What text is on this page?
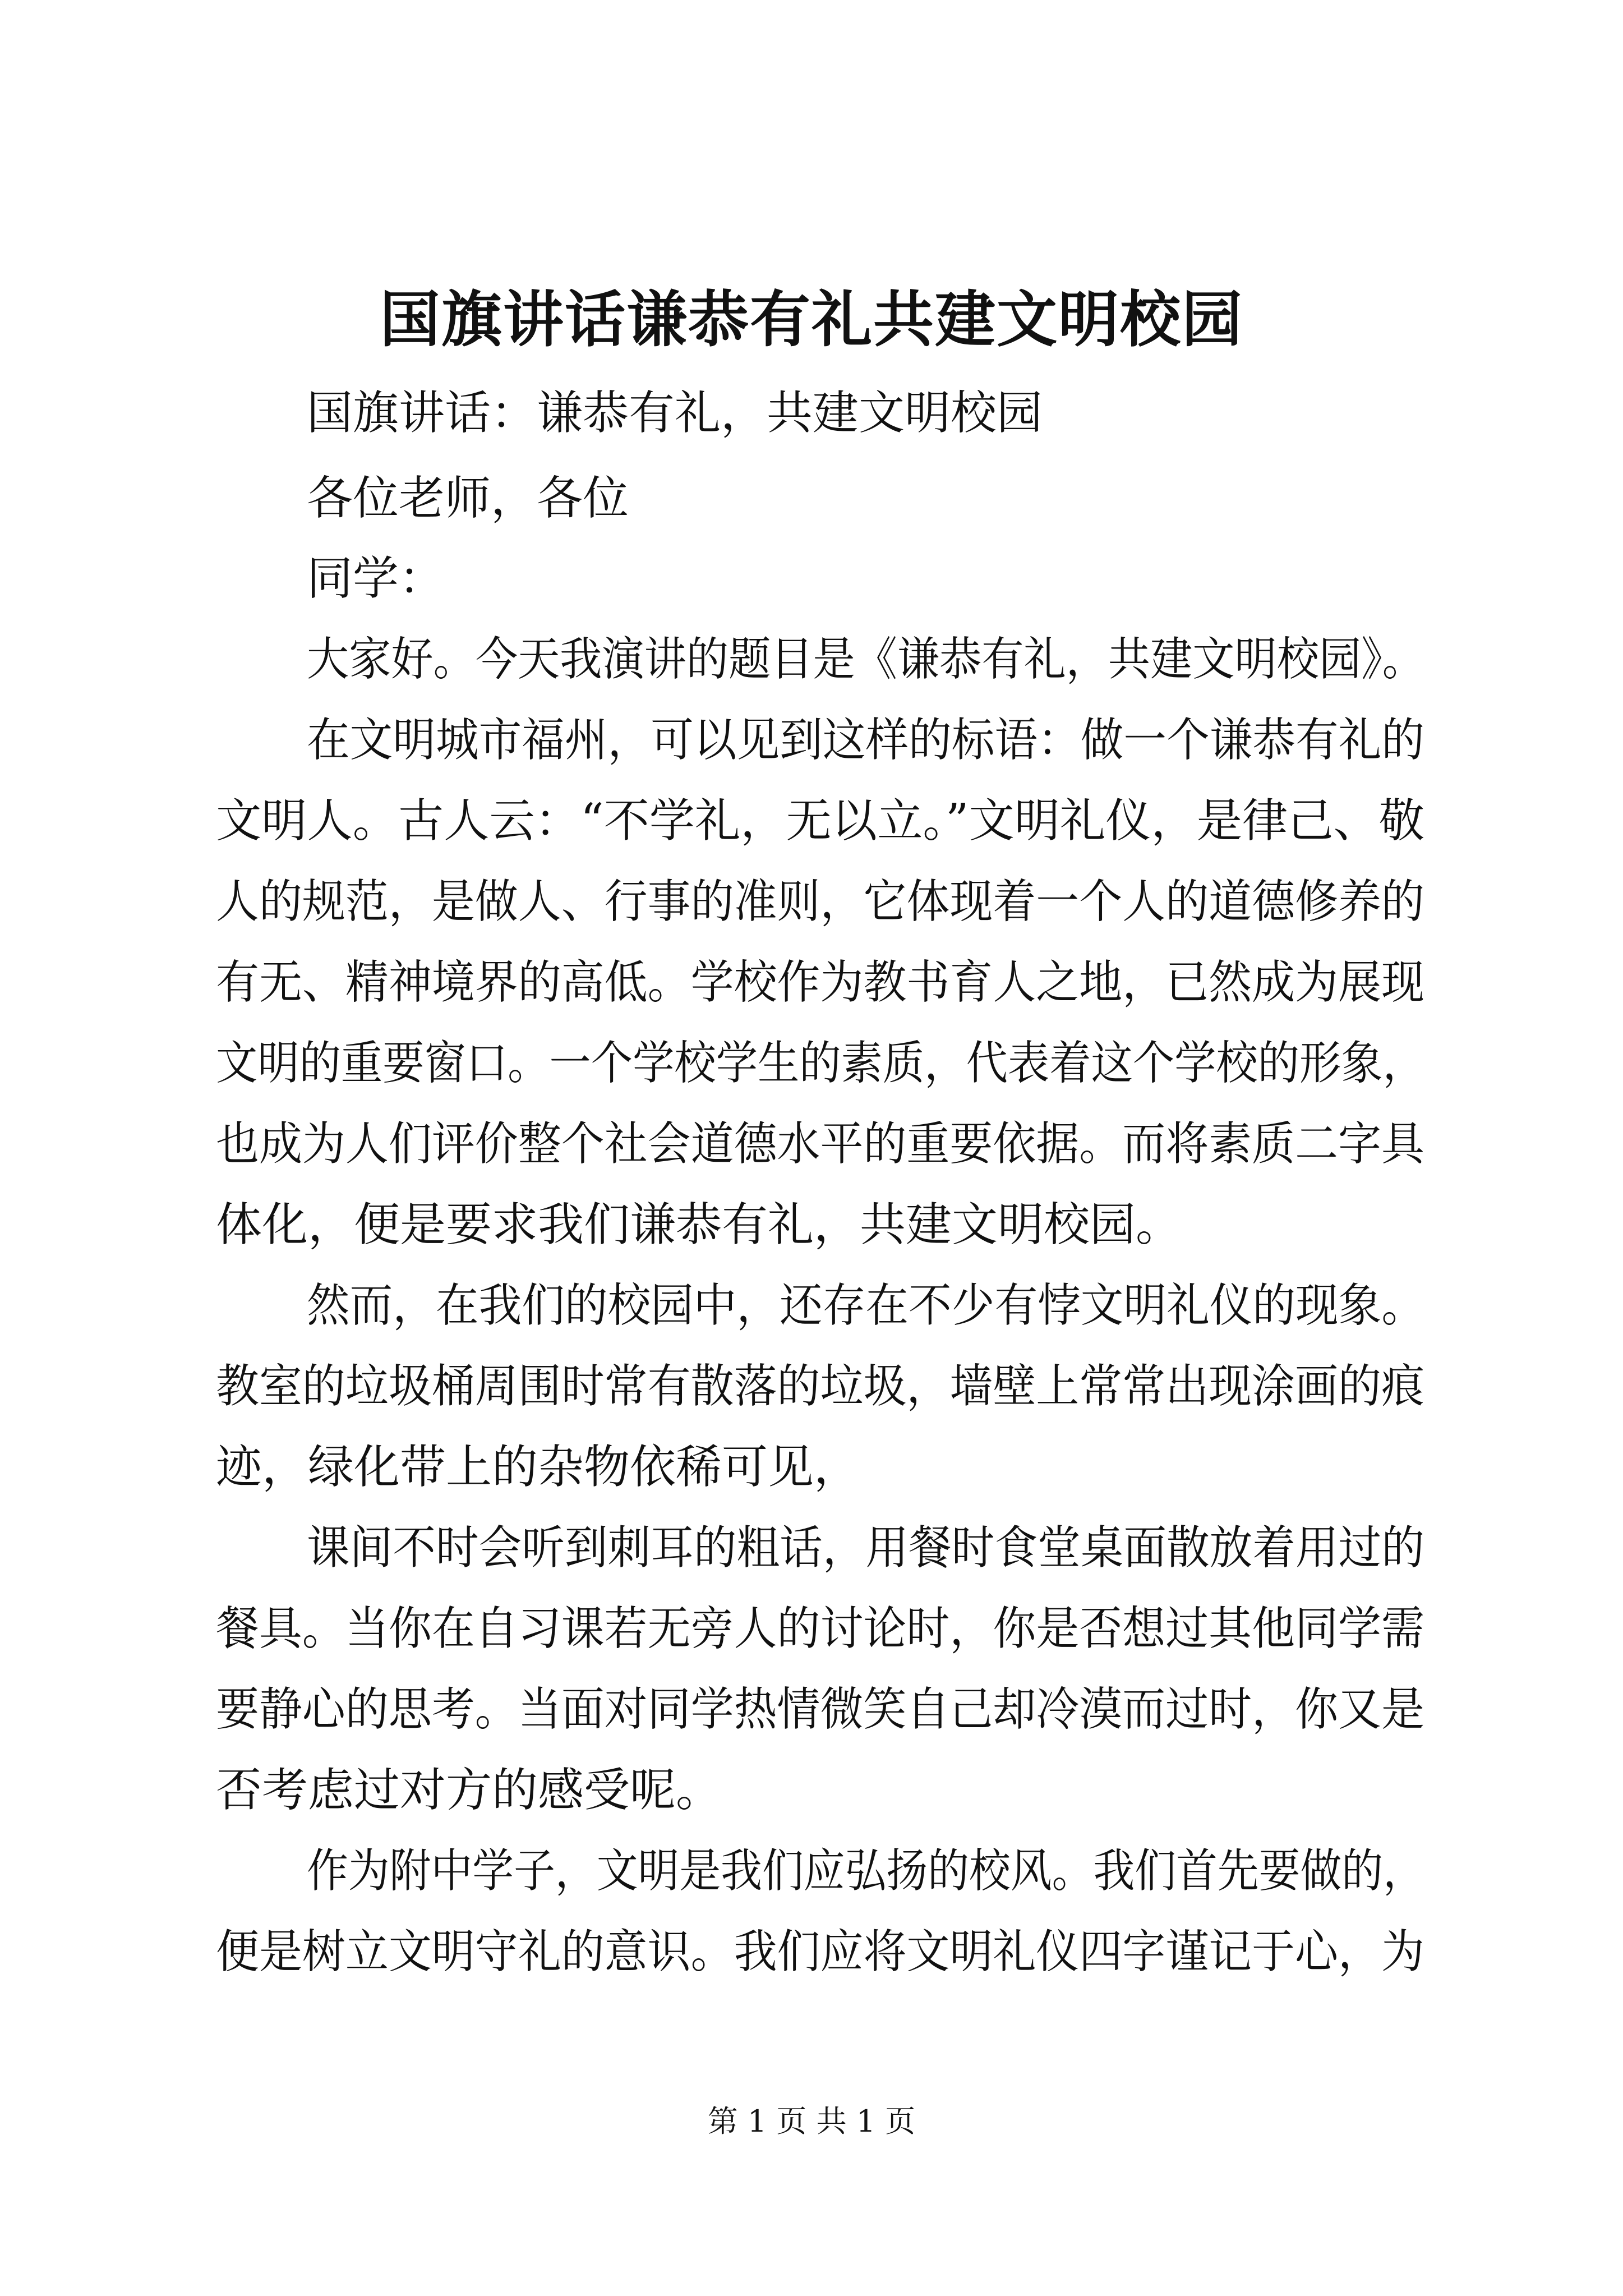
国旗讲话谦恭有礼共建文明校园
国旗讲话：谦恭有礼，共建文明校园
各位老师，各位
同学：
大家好。今天我演讲的题目是《谦恭有礼，共建文明校园》。
在文明城市福州，可以见到这样的标语：做一个谦恭有礼的
文明人。古人云：“不学礼，无以立。”文明礼仪，是律己、敬
人的规范，是做人、行事的准则，它体现着一个人的道德修养的
有无、精神境界的高低。学校作为教书育人之地，已然成为展现
文明的重要窗口。一个学校学生的素质，代表着这个学校的形象，
也成为人们评价整个社会道德水平的重要依据。而将素质二字具
体化，便是要求我们谦恭有礼，共建文明校园。
然而，在我们的校园中，还存在不少有悖文明礼仪的现象。
教室的垃圾桶周围时常有散落的垃圾，墙壁上常常出现涂画的痕
迹，绿化带上的杂物依稀可见，
课间不时会听到刺耳的粗话，用餐时食堂桌面散放着用过的
餐具。当你在自习课若无旁人的讨论时，你是否想过其他同学需
要静心的思考。当面对同学热情微笑自己却冷漠而过时，你又是
否考虑过对方的感受呢。
作为附中学子，文明是我们应弘扬的校风。我们首先要做的，
便是树立文明守礼的意识。我们应将文明礼仪四字谨记于心，为
第 1 页 共 1 页
